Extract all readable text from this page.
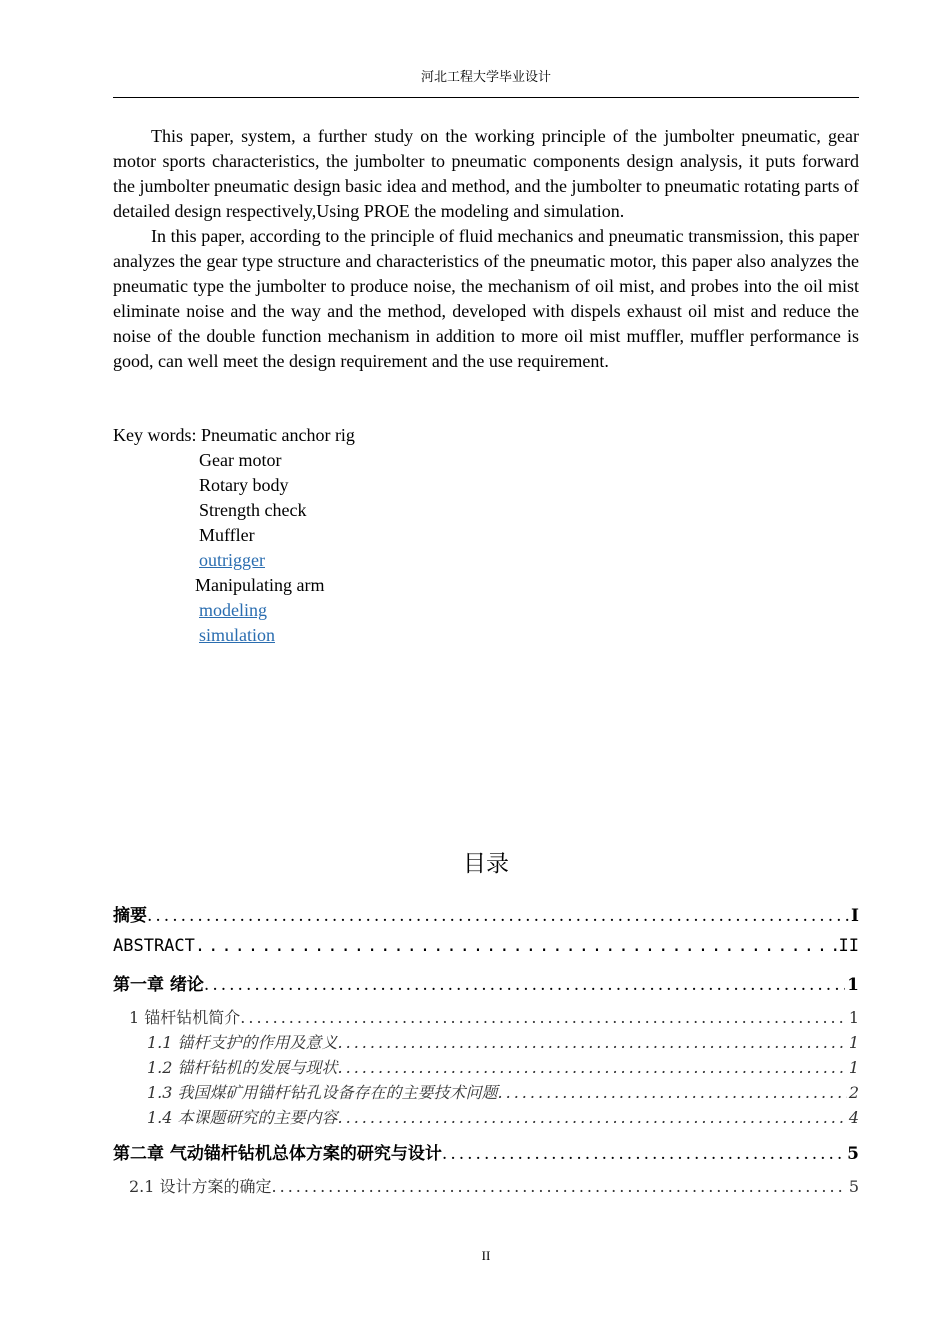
河北工程大学毕业设计

This paper, system, a further study on the working principle of the jumbolter pneumatic, gear motor sports characteristics, the jumbolter to pneumatic components design analysis, it puts forward the jumbolter pneumatic design basic idea and method, and the jumbolter to pneumatic rotating parts of detailed design respectively,Using PROE the modeling and simulation.

In this paper, according to the principle of fluid mechanics and pneumatic transmission, this paper analyzes the gear type structure and characteristics of the pneumatic motor, this paper also analyzes the pneumatic type the jumbolter to produce noise, the mechanism of oil mist, and probes into the oil mist eliminate noise and the way and the method, developed with dispels exhaust oil mist and reduce the noise of the double function mechanism in addition to more oil mist muffler, muffler performance is good, can well meet the design requirement and the use requirement.

Key words: Pneumatic anchor rig
Gear motor
Rotary body
Strength check
Muffler
outrigger
Manipulating arm
modeling
simulation
目录
摘要 .....	I
ABSTRACT .....	II
第一章 绪论 .....	1
1 锚杆钻机简介 .....	1
1.1 锚杆支护的作用及意义 .....	1
1.2 锚杆钻机的发展与现状 .....	1
1.3 我国煤矿用锚杆钻孔设备存在的主要技术问题 .....	2
1.4 本课题研究的主要内容 .....	4
第二章 气动锚杆钻机总体方案的研究与设计 .....	5
2.1 设计方案的确定 .....	5
II
